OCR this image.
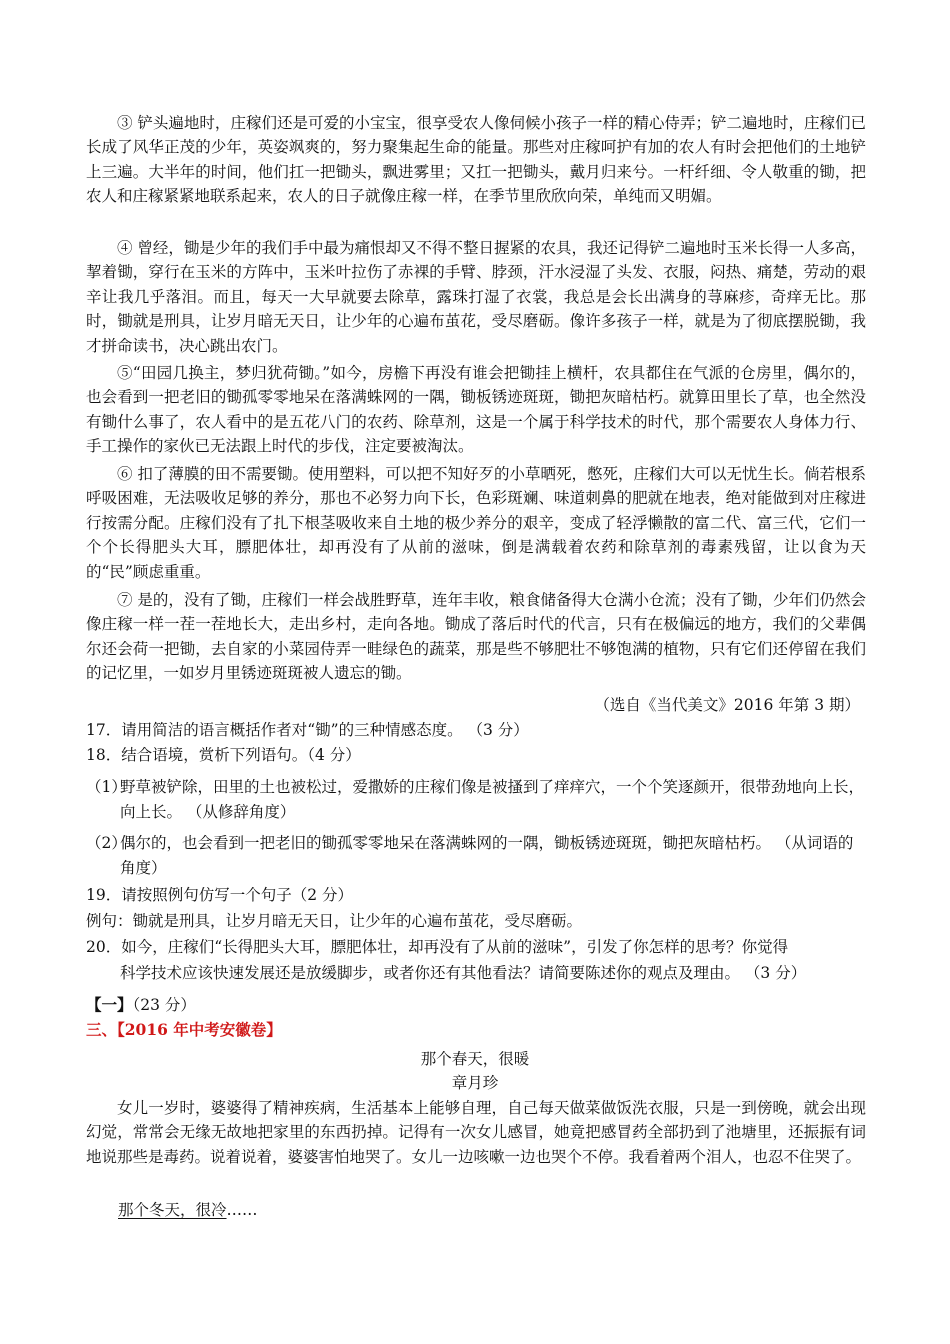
③ 铲头遍地时，庄稼们还是可爱的小宝宝，很享受农人像伺候小孩子一样的精心侍弄；铲二遍地时，庄稼们已长成了风华正茂的少年，英姿飒爽的，努力聚集起生命的能量。那些对庄稼呵护有加的农人有时会把他们的土地铲上三遍。大半年的时间，他们扛一把锄头，飘进雾里；又扛一把锄头，戴月归来兮。一杆纤细、令人敬重的锄，把农人和庄稼紧紧地联系起来，农人的日子就像庄稼一样，在季节里欣欣向荣，单纯而又明媚。
④ 曾经，锄是少年的我们手中最为痛恨却又不得不整日握紧的农具，我还记得铲二遍地时玉米长得一人多高，挈着锄，穿行在玉米的方阵中，玉米叶拉伤了赤裸的手臂、脖颈，汗水浸湿了头发、衣服，闷热、痛楚，劳动的艰辛让我几乎落泪。而且，每天一大早就要去除草，露珠打湿了衣裳，我总是会长出满身的荨麻疹，奇痒无比。那时，锄就是刑具，让岁月暗无天日，让少年的心遍布茧花，受尽磨砺。像许多孩子一样，就是为了彻底摆脱锄，我才拼命读书，决心跳出农门。
⑤“田园几换主，梦归犹荷锄。”如今，房檐下再没有谁会把锄挂上横杆，农具都住在气派的仓房里，偶尔的，也会看到一把老旧的锄孤零零地呆在落满蛛网的一隅，锄板锈迹斑斑，锄把灰暗枯朽。就算田里长了草，也全然没有锄什么事了，农人看中的是五花八门的农药、除草剂，这是一个属于科学技术的时代，那个需要农人身体力行、手工操作的家伙已无法跟上时代的步伐，注定要被淘汰。
⑥ 扣了薄膜的田不需要锄。使用塑料，可以把不知好歹的小草晒死，憋死，庄稼们大可以无忧生长。倘若根系呼吸困难，无法吸收足够的养分，那也不必努力向下长，色彩斑斓、味道刺鼻的肥就在地表，绝对能做到对庄稼进行按需分配。庄稼们没有了扎下根茎吸收来自土地的极少养分的艰辛，变成了轻浮懒散的富二代、富三代，它们一个个长得肥头大耳，膘肥体壮，却再没有了从前的滋味，倒是满载着农药和除草剂的毒素残留，让以食为天的“民”顾虑重重。
⑦ 是的，没有了锄，庄稼们一样会战胜野草，连年丰收，粮食储备得大仓满小仓流；没有了锄，少年们仍然会像庄稼一样一茬一茬地长大，走出乡村，走向各地。锄成了落后时代的代言，只有在极偏远的地方，我们的父辈偶尔还会荷一把锄，去自家的小菜园侍弄一畦绿色的蔬菜，那是些不够肥壮不够饱满的植物，只有它们还停留在我们的记忆里，一如岁月里锈迹斑斑被人遗忘的锄。
（选自《当代美文》2016 年第 3 期）
17．请用简洁的语言概括作者对“锄”的三种情感态度。 （3 分）
18．结合语境，赏析下列语句。（4 分）
（1）
野草被铲除，田里的土也被松过，爱撒娇的庄稼们像是被搔到了痒痒穴，一个个笑逐颜开，很带劲地向上长，向上长。 （从修辞角度）
（2）
偶尔的，也会看到一把老旧的锄孤零零地呆在落满蛛网的一隅，锄板锈迹斑斑，锄把灰暗枯朽。 （从词语的角度）
19．请按照例句仿写一个句子（2 分）
例句：锄就是刑具，让岁月暗无天日，让少年的心遍布茧花，受尽磨砺。
20．如今，庄稼们“长得肥头大耳，膘肥体壮，却再没有了从前的滋味”，引发了你怎样的思考？你觉得
科学技术应该快速发展还是放缓脚步，或者你还有其他看法？请简要陈述你的观点及理由。 （3 分）
【一】（23 分）
三、【2016 年中考安徽卷】
那个春天，很暖
章月珍
女儿一岁时，婆婆得了精神疾病，生活基本上能够自理，自己每天做菜做饭洗衣服，只是一到傍晚，就会出现幻觉，常常会无缘无故地把家里的东西扔掉。记得有一次女儿感冒，她竟把感冒药全部扔到了池塘里，还振振有词地说那些是毒药。说着说着，婆婆害怕地哭了。女儿一边咳嗽一边也哭个不停。我看着两个泪人，也忍不住哭了。
那个冬天，很冷……
